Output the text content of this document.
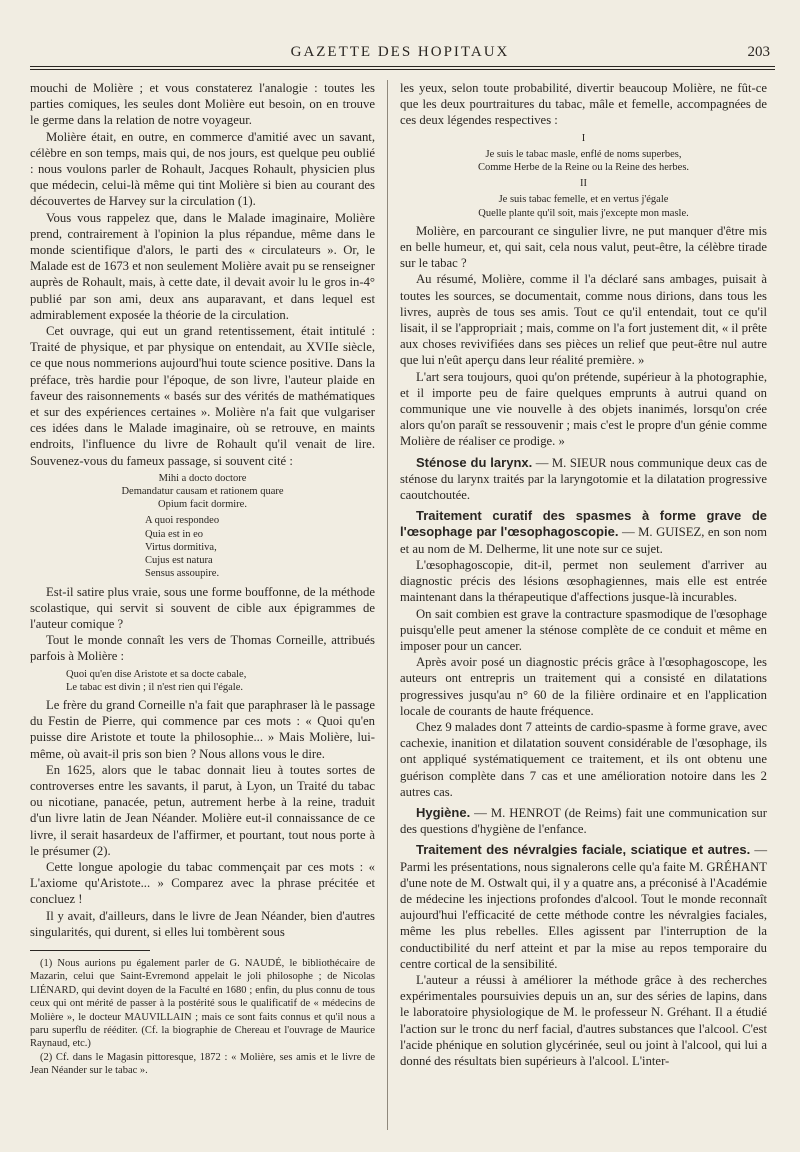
GAZETTE DES HOPITAUX	203

mouchi de Molière ; et vous constaterez l'analogie : toutes les parties comiques, les seules dont Molière eut besoin, on en trouve le germe dans la relation de notre voyageur.

Molière était, en outre, en commerce d'amitié avec un savant, célèbre en son temps, mais qui, de nos jours, est quelque peu oublié : nous voulons parler de Rohault, Jacques Rohault, physicien plus que médecin, celui-là même qui tint Molière si bien au courant des découvertes de Harvey sur la circulation (1).

Vous vous rappelez que, dans le Malade imaginaire, Molière prend, contrairement à l'opinion la plus répandue, même dans le monde scientifique d'alors, le parti des « circulateurs ». Or, le Malade est de 1673 et non seulement Molière avait pu se renseigner auprès de Rohault, mais, à cette date, il devait avoir lu le gros in-4° publié par son ami, deux ans auparavant, et dans lequel est admirablement exposée la théorie de la circulation.

Cet ouvrage, qui eut un grand retentissement, était intitulé : Traité de physique, et par physique on entendait, au XVIIe siècle, ce que nous nommerions aujourd'hui toute science positive. Dans la préface, très hardie pour l'époque, de son livre, l'auteur plaide en faveur des raisonnements « basés sur des vérités de mathématiques et sur des expériences certaines ». Molière n'a fait que vulgariser ces idées dans le Malade imaginaire, où se retrouve, en maints endroits, l'influence du livre de Rohault qu'il venait de lire. Souvenez-vous du fameux passage, si souvent cité :

Mihi a docto doctore
Demandatur causam et rationem quare
Opium facit dormire.
A quoi respondeo
Quia est in eo
Virtus dormitiva,
Cujus est natura
Sensus assoupire.

Est-il satire plus vraie, sous une forme bouffonne, de la méthode scolastique, qui servit si souvent de cible aux épigrammes de l'auteur comique ?

Tout le monde connaît les vers de Thomas Corneille, attribués parfois à Molière :

Quoi qu'en dise Aristote et sa docte cabale,
Le tabac est divin ; il n'est rien qui l'égale.

Le frère du grand Corneille n'a fait que paraphraser là le passage du Festin de Pierre, qui commence par ces mots : « Quoi qu'en puisse dire Aristote et toute la philosophie... » Mais Molière, lui-même, où avait-il pris son bien ? Nous allons vous le dire.

En 1625, alors que le tabac donnait lieu à toutes sortes de controverses entre les savants, il parut, à Lyon, un Traité du tabac ou nicotiane, panacée, petun, autrement herbe à la reine, traduit d'un livre latin de Jean Néander. Molière eut-il connaissance de ce livre, il serait hasardeux de l'affirmer, et pourtant, tout nous porte à le présumer (2).

Cette longue apologie du tabac commençait par ces mots : « L'axiome qu'Aristote... » Comparez avec la phrase précitée et concluez !

Il y avait, d'ailleurs, dans le livre de Jean Néander, bien d'autres singularités, qui durent, si elles lui tombèrent sous

(1) Nous aurions pu également parler de G. NAUDÉ, le bibliothécaire de Mazarin, celui que Saint-Evremond appelait le joli philosophe ; de Nicolas LIÉNARD, qui devint doyen de la Faculté en 1680 ; enfin, du plus connu de tous ceux qui ont mérité de passer à la postérité sous le qualificatif de « médecins de Molière », le docteur MAUVILLAIN ; mais ce sont faits connus et qu'il nous a paru superflu de rééditer. (Cf. la biographie de Chereau et l'ouvrage de Maurice Raynaud, etc.)

(2) Cf. dans le Magasin pittoresque, 1872 : « Molière, ses amis et le livre de Jean Néander sur le tabac ».

les yeux, selon toute probabilité, divertir beaucoup Molière, ne fût-ce que les deux pourtraitures du tabac, mâle et femelle, accompagnées de ces deux légendes respectives :

I
Je suis le tabac masle, enflé de noms superbes,
Comme Herbe de la Reine ou la Reine des herbes.
II
Je suis tabac femelle, et en vertus j'égale
Quelle plante qu'il soit, mais j'excepte mon masle.

Molière, en parcourant ce singulier livre, ne put manquer d'être mis en belle humeur, et, qui sait, cela nous valut, peut-être, la célèbre tirade sur le tabac ?

Au résumé, Molière, comme il l'a déclaré sans ambages, puisait à toutes les sources, se documentait, comme nous dirions, dans tous les livres, auprès de tous ses amis. Tout ce qu'il entendait, tout ce qu'il lisait, il se l'appropriait ; mais, comme on l'a fort justement dit, « il prête aux choses revivifiées dans ses pièces un relief que peut-être nul autre que lui n'eût aperçu dans leur réalité première. »

L'art sera toujours, quoi qu'on prétende, supérieur à la photographie, et il importe peu de faire quelques emprunts à autrui quand on communique une vie nouvelle à des objets inanimés, lorsqu'on crée alors qu'on paraît se ressouvenir ; mais c'est le propre d'un génie comme Molière de réaliser ce prodige. »

Sténose du larynx. — M. SIEUR nous communique deux cas de sténose du larynx traités par la laryngotomie et la dilatation progressive caoutchoutée.

Traitement curatif des spasmes à forme grave de l'œsophage par l'œsophagoscopie. — M. GUISEZ, en son nom et au nom de M. Delherme, lit une note sur ce sujet.

L'œsophagoscopie, dit-il, permet non seulement d'arriver au diagnostic précis des lésions œsophagiennes, mais elle est entrée maintenant dans la thérapeutique d'affections jusque-là incurables.

On sait combien est grave la contracture spasmodique de l'œsophage puisqu'elle peut amener la sténose complète de ce conduit et même en imposer pour un cancer.

Après avoir posé un diagnostic précis grâce à l'œsophagoscope, les auteurs ont entrepris un traitement qui a consisté en dilatations progressives jusqu'au n° 60 de la filière ordinaire et en l'application locale de courants de haute fréquence.

Chez 9 malades dont 7 atteints de cardio-spasme à forme grave, avec cachexie, inanition et dilatation souvent considérable de l'œsophage, ils ont appliqué systématiquement ce traitement, et ils ont obtenu une guérison complète dans 7 cas et une amélioration notoire dans les 2 autres cas.

Hygiène. — M. HENROT (de Reims) fait une communication sur des questions d'hygiène de l'enfance.

Traitement des névralgies faciale, sciatique et autres. — Parmi les présentations, nous signalerons celle qu'a faite M. GRÉHANT d'une note de M. Ostwalt qui, il y a quatre ans, a préconisé à l'Académie de médecine les injections profondes d'alcool. Tout le monde reconnaît aujourd'hui l'efficacité de cette méthode contre les névralgies faciales, même les plus rebelles. Elles agissent par l'interruption de la conductibilité du nerf atteint et par la mise au repos temporaire du centre cortical de la sensibilité.

L'auteur a réussi à améliorer la méthode grâce à des recherches expérimentales poursuivies depuis un an, sur des séries de lapins, dans le laboratoire physiologique de M. le professeur N. Gréhant. Il a étudié l'action sur le tronc du nerf facial, d'autres substances que l'alcool. C'est l'acide phénique en solution glycérinée, seul ou joint à l'alcool, qui lui a donné des résultats bien supérieurs à l'alcool. L'inter-
